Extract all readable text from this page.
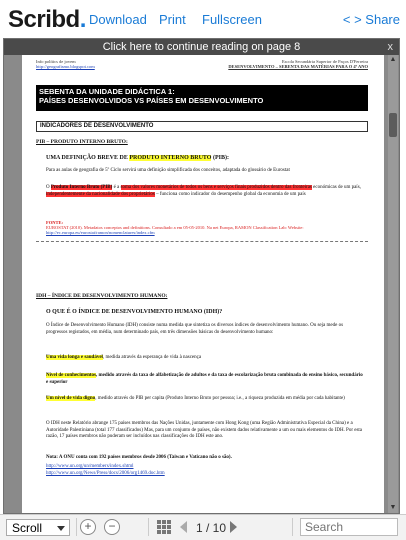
Scribd. Download Print Fullscreen	< > Share
Click here to continue reading on page 8	x
Info polítics de jovem
http://geografismo.blogspot.com
Escola Secundária Superior de Paços D'Ferreira
DESENVOLVIMENTO – SEBENTA DAS MATÉRIAS PARA O 4º ANO
SEBENTA DA UNIDADE DIDÁCTICA 1:
PAÍSES DESENVOLVIDOS VS PAÍSES EM DESENVOLVIMENTO
INDICADORES DE DESENVOLVIMENTO
PIB – PRODUTO INTERNO BRUTO:
UMA DEFINIÇÃO BREVE DE PRODUTO INTERNO BRUTO (PIB):
Para as aulas de geografia de 5º Ciclo servirá uma definição simplificada dos conceitos, adaptada do glossário de Eurostat
O Produto Interno Bruto (PIB) é a soma dos valores monetários de todos os bens e serviços finais produzidos dentro das fronteiras económicas de um país, independentemente da nacionalidade dos proprietários – funciona como indicador do desempenho global da economia de um país
FONTE:
EUROSTAT (2010). Metadatos conceptos and definitions. Consultado a em 05-05-2010. Na net Europa, RAMON Classification Lab: Website:
http://ec.europa.eu/eurostat/ramon/nomenclatures/index.cfm
IDH – ÍNDICE DE DESENVOLVIMENTO HUMANO:
O QUE É O ÍNDICE DE DESENVOLVIMENTO HUMANO (IDH)?
O Índice de Desenvolvimento Humano (IDH) consiste numa medida que sintetiza os diversos índices de desenvolvimento humano. Ou seja mede os progressos registados, em média, num determinado país, em três dimensões básicas do desenvolvimento humano:
Uma vida longa e saudável, medida através da esperança de vida à nascença
Nível de conhecimentos, medido através da taxa de alfabetização de adultos e da taxa de escolarização bruta combinada do ensino básico, secundário e superior
Um nível de vida digno, medido através do PIB per capita (Produto Interno Bruto por pessoa; i.e., a riqueza produzida em média por cada habitante)
O IDH neste Relatório abrange 175 países membros das Nações Unidas, juntamente com Hong Kong (uma Região Administrativa Especial da China) e a Autoridade Palestiniana (total 177 classificados) Mas, para um conjunto de países, não existem dados relativamente a um ou mais elementos do IDH. Por esta razão, 17 países membros não puderam ser incluídos nas classificações do IDH este ano.
Nota: A ONU conta com 192 países membros desde 2006 (Taiwan e Vaticano não o são).
http://www.un.org/un/members/index.shtml
http://www.un.org/News/Press/docs/2006/org1469.doc.htm
▲
▼
Scroll	+	−	1 / 10
Search
